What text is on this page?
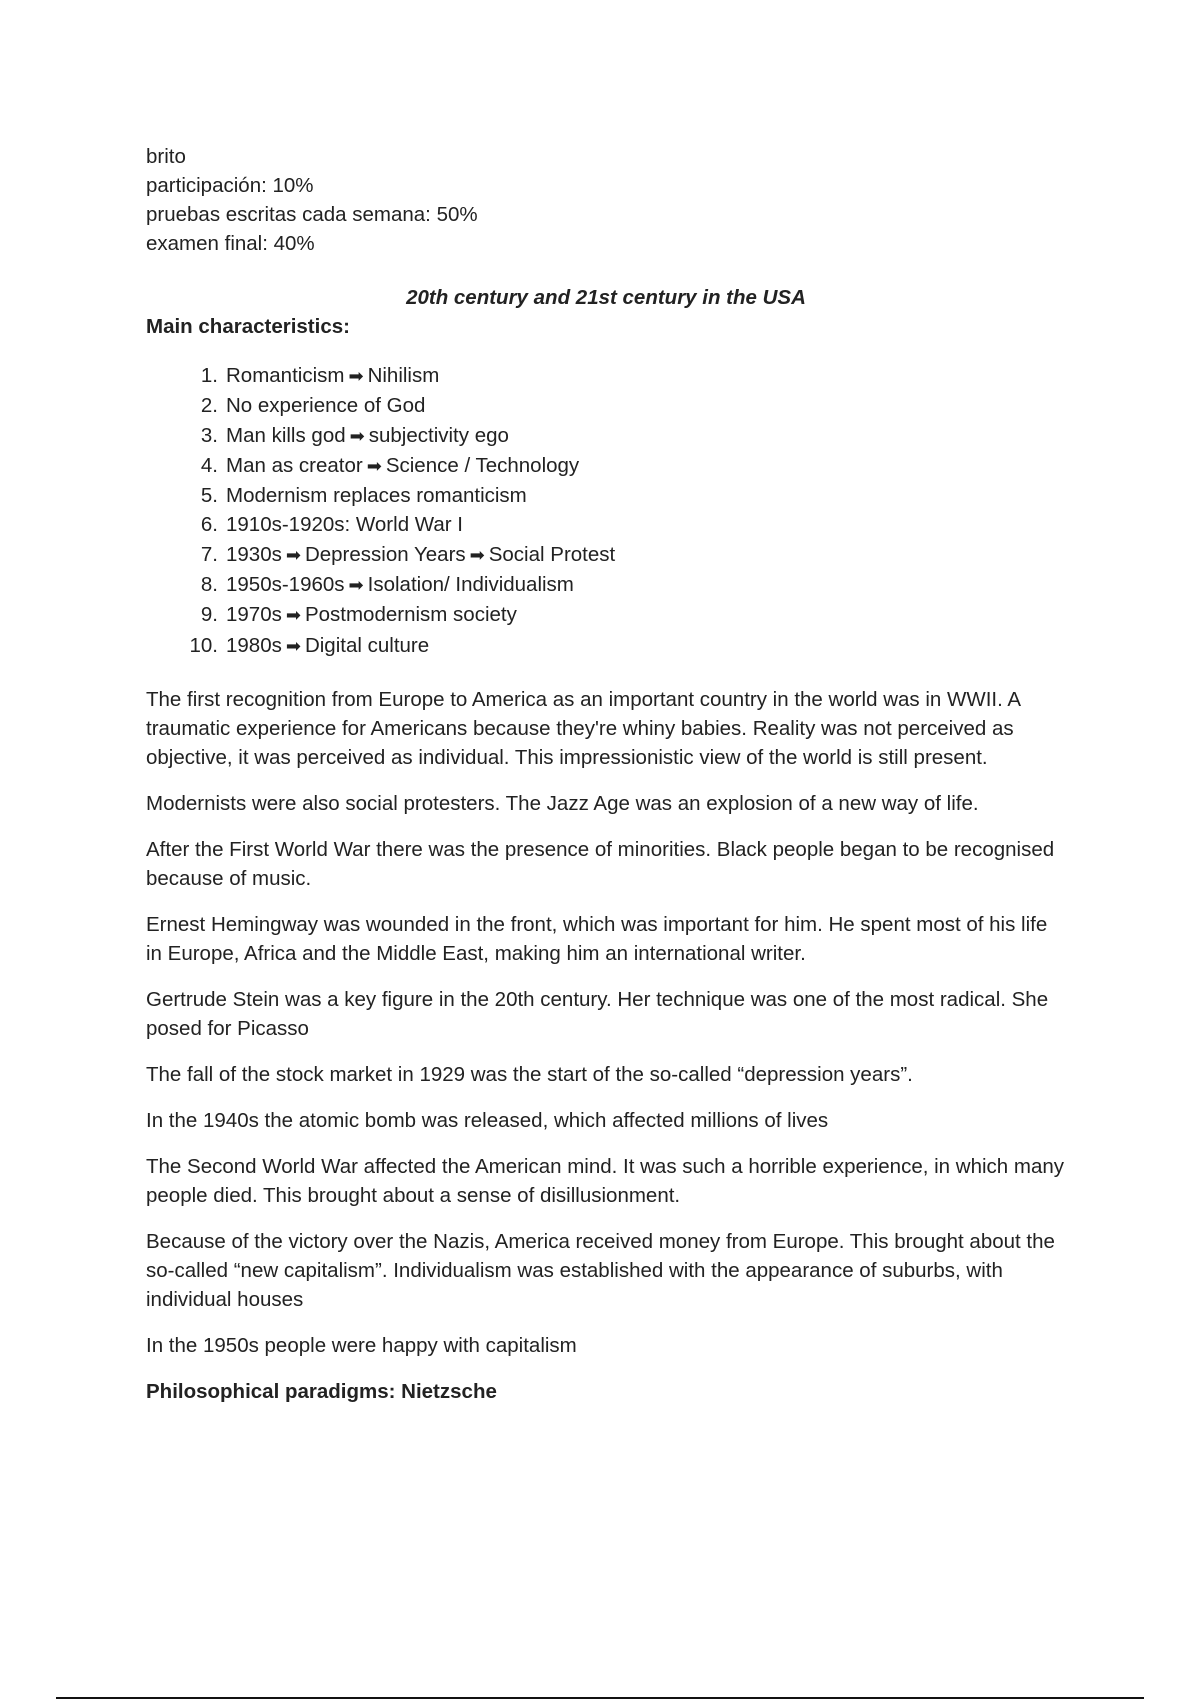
brito

participación: 10%

pruebas escritas cada semana: 50%

examen final: 40%

20th century and 21st century in the USA

Main characteristics:

1. Romanticism ➡ Nihilism
2. No experience of God
3. Man kills god ➡ subjectivity ego
4. Man as creator ➡ Science / Technology
5. Modernism replaces romanticism
6. 1910s-1920s: World War I
7. 1930s ➡ Depression Years ➡ Social Protest
8. 1950s-1960s ➡ Isolation/ Individualism
9. 1970s ➡ Postmodernism society
10. 1980s ➡ Digital culture

The first recognition from Europe to America as an important country in the world was in WWII. A traumatic experience for Americans because they're whiny babies. Reality was not perceived as objective, it was perceived as individual. This impressionistic view of the world is still present.

Modernists were also social protesters. The Jazz Age was an explosion of a new way of life.

After the First World War there was the presence of minorities. Black people began to be recognised because of music.

Ernest Hemingway was wounded in the front, which was important for him. He spent most of his life in Europe, Africa and the Middle East, making him an international writer.

Gertrude Stein was a key figure in the 20th century. Her technique was one of the most radical. She posed for Picasso

The fall of the stock market in 1929 was the start of the so-called “depression years”.

In the 1940s the atomic bomb was released, which affected millions of lives

The Second World War affected the American mind. It was such a horrible experience, in which many people died. This brought about a sense of disillusionment.

Because of the victory over the Nazis, America received money from Europe. This brought about the so-called “new capitalism”. Individualism was established with the appearance of suburbs, with individual houses

In the 1950s people were happy with capitalism

Philosophical paradigms: Nietzsche
